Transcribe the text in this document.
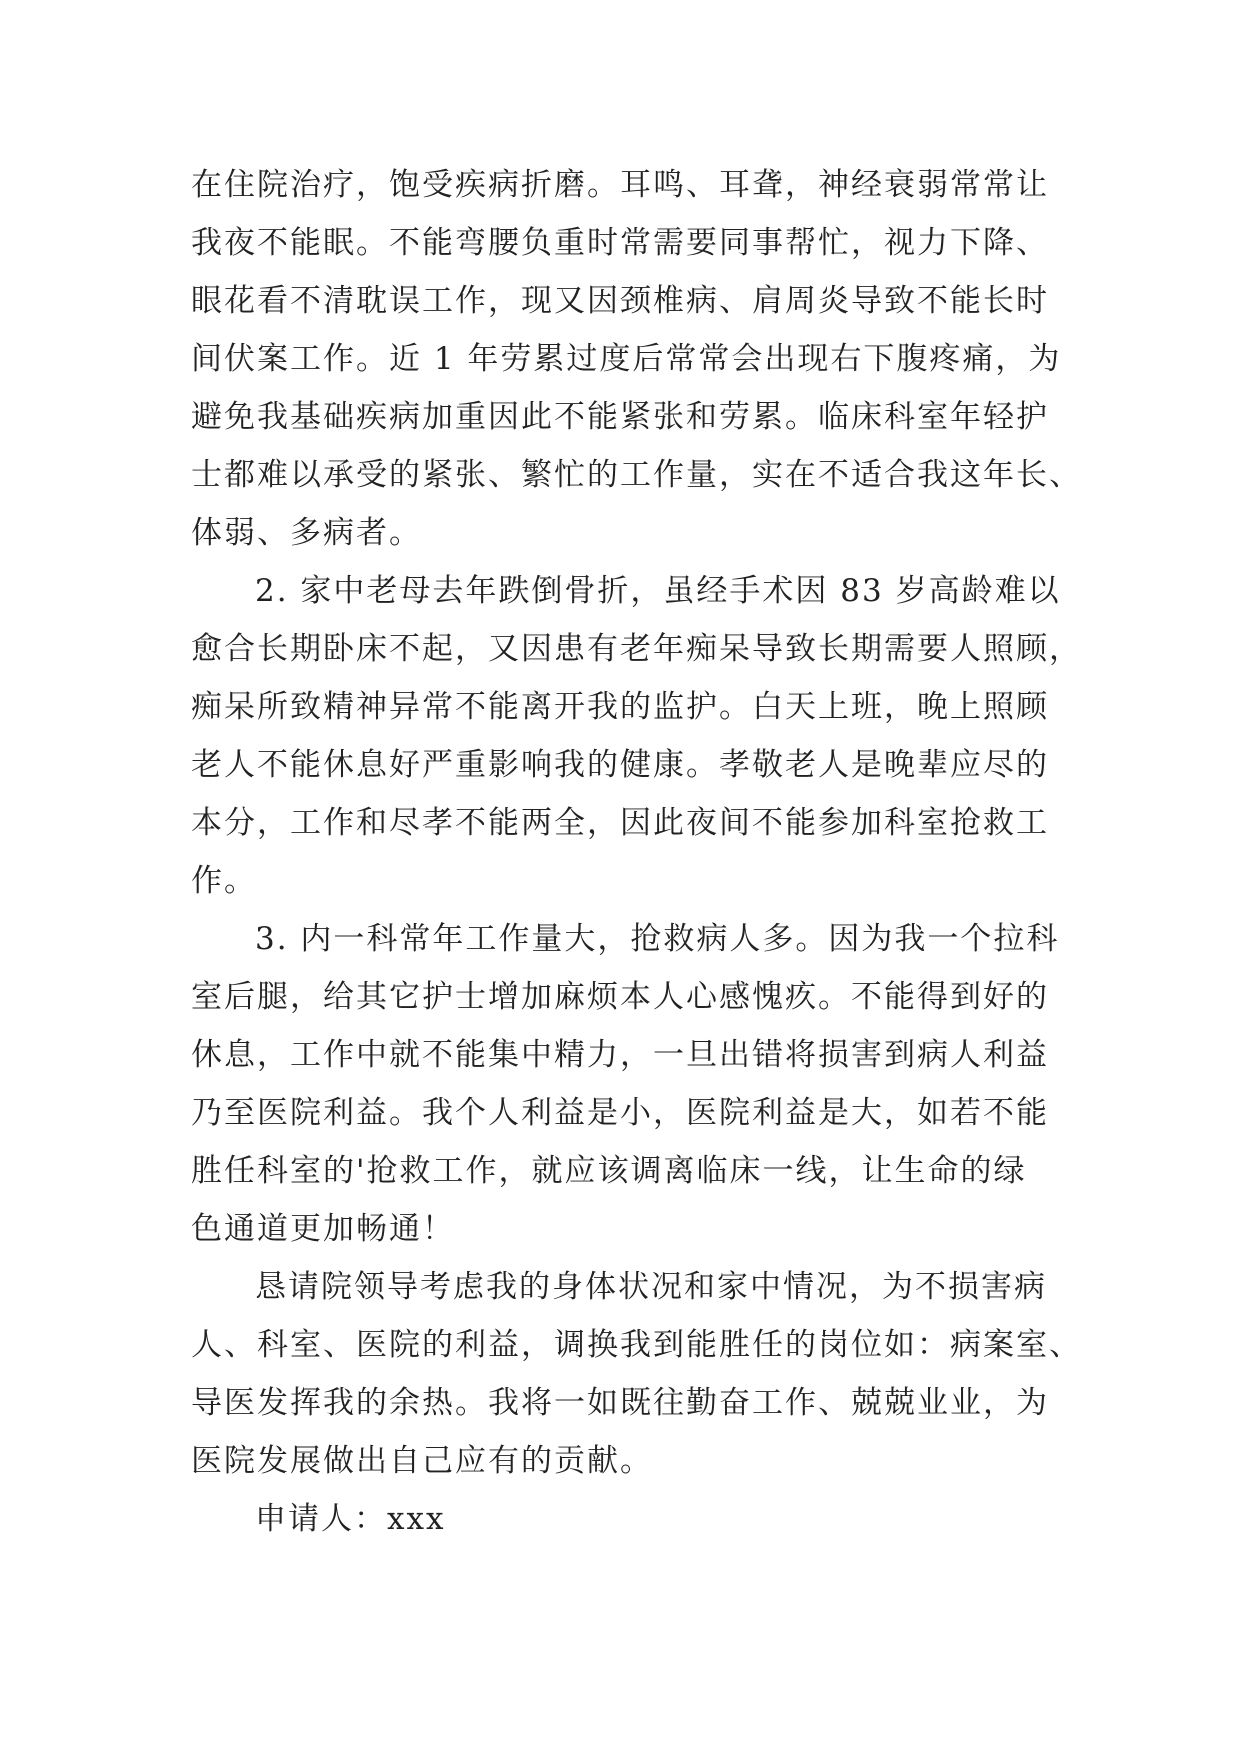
在住院治疗，饱受疾病折磨。耳鸣、耳聋，神经衰弱常常让
我夜不能眠。不能弯腰负重时常需要同事帮忙，视力下降、
眼花看不清耽误工作，现又因颈椎病、肩周炎导致不能长时
间伏案工作。近 1 年劳累过度后常常会出现右下腹疼痛，为
避免我基础疾病加重因此不能紧张和劳累。临床科室年轻护
士都难以承受的紧张、繁忙的工作量，实在不适合我这年长、
体弱、多病者。

2. 家中老母去年跌倒骨折，虽经手术因 83 岁高龄难以
愈合长期卧床不起，又因患有老年痴呆导致长期需要人照顾，
痴呆所致精神异常不能离开我的监护。白天上班，晚上照顾
老人不能休息好严重影响我的健康。孝敬老人是晚辈应尽的
本分，工作和尽孝不能两全，因此夜间不能参加科室抢救工
作。

3. 内一科常年工作量大，抢救病人多。因为我一个拉科
室后腿，给其它护士增加麻烦本人心感愧疚。不能得到好的
休息，工作中就不能集中精力，一旦出错将损害到病人利益
乃至医院利益。我个人利益是小，医院利益是大，如若不能
胜任科室的'抢救工作，就应该调离临床一线，让生命的绿
色通道更加畅通！

恳请院领导考虑我的身体状况和家中情况，为不损害病
人、科室、医院的利益，调换我到能胜任的岗位如：病案室、
导医发挥我的余热。我将一如既往勤奋工作、兢兢业业，为
医院发展做出自己应有的贡献。

申请人：xxx
